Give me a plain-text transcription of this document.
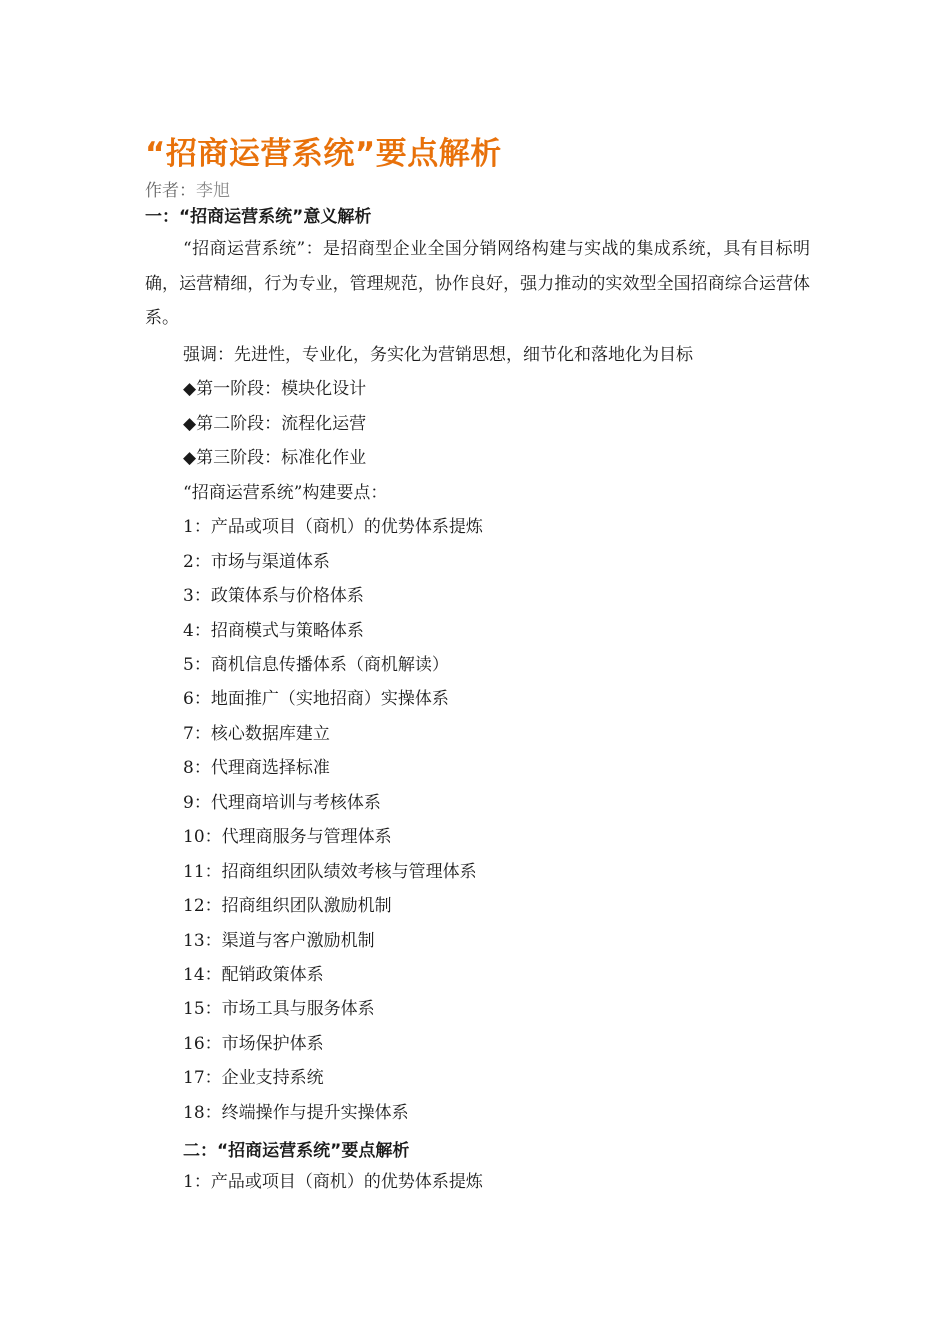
“招商运营系统”要点解析
作者：李旭
一：“招商运营系统”意义解析

“招商运营系统”：是招商型企业全国分销网络构建与实战的集成系统，具有目标明确，运营精细，行为专业，管理规范，协作良好，强力推动的实效型全国招商综合运营体系。

强调：先进性，专业化，务实化为营销思想，细节化和落地化为目标
◆第一阶段：模块化设计
◆第二阶段：流程化运营
◆第三阶段：标准化作业
“招商运营系统”构建要点：
1：产品或项目（商机）的优势体系提炼
2：市场与渠道体系
3：政策体系与价格体系
4：招商模式与策略体系
5：商机信息传播体系（商机解读）
6：地面推广（实地招商）实操体系
7：核心数据库建立
8：代理商选择标准
9：代理商培训与考核体系
10：代理商服务与管理体系
11：招商组织团队绩效考核与管理体系
12：招商组织团队激励机制
13：渠道与客户激励机制
14：配销政策体系
15：市场工具与服务体系
16：市场保护体系
17：企业支持系统
18：终端操作与提升实操体系
二：“招商运营系统”要点解析
1：产品或项目（商机）的优势体系提炼
